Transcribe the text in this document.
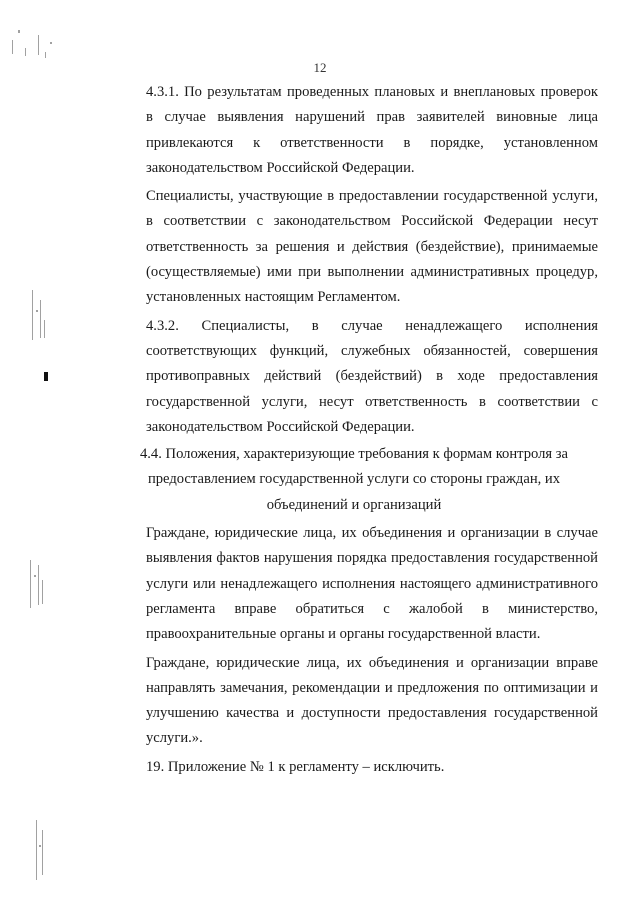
12

4.3.1. По результатам проведенных плановых и внеплановых проверок
в случае выявления нарушений прав заявителей виновные лица
привлекаются к ответственности в порядке, установленном
законодательством Российской Федерации.

Специалисты, участвующие в предоставлении государственной услуги,
в соответствии с законодательством Российской Федерации несут
ответственность за решения и действия (бездействие), принимаемые
(осуществляемые) ими при выполнении административных процедур,
установленных настоящим Регламентом.

4.3.2. Специалисты, в случае ненадлежащего исполнения
соответствующих функций, служебных обязанностей, совершения
противоправных действий (бездействий) в ходе предоставления
государственной услуги, несут ответственность в соответствии с
законодательством Российской Федерации.

4.4. Положения, характеризующие требования к формам контроля за
предоставлением государственной услуги со стороны граждан, их
объединений и организаций

Граждане, юридические лица, их объединения и организации в случае
выявления фактов нарушения порядка предоставления государственной
услуги или ненадлежащего исполнения настоящего административного
регламента вправе обратиться с жалобой в министерство,
правоохранительные органы и органы государственной власти.

Граждане, юридические лица, их объединения и организации вправе
направлять замечания, рекомендации и предложения по оптимизации и
улучшению качества и доступности предоставления государственной
услуги.».

19. Приложение № 1 к регламенту – исключить.
